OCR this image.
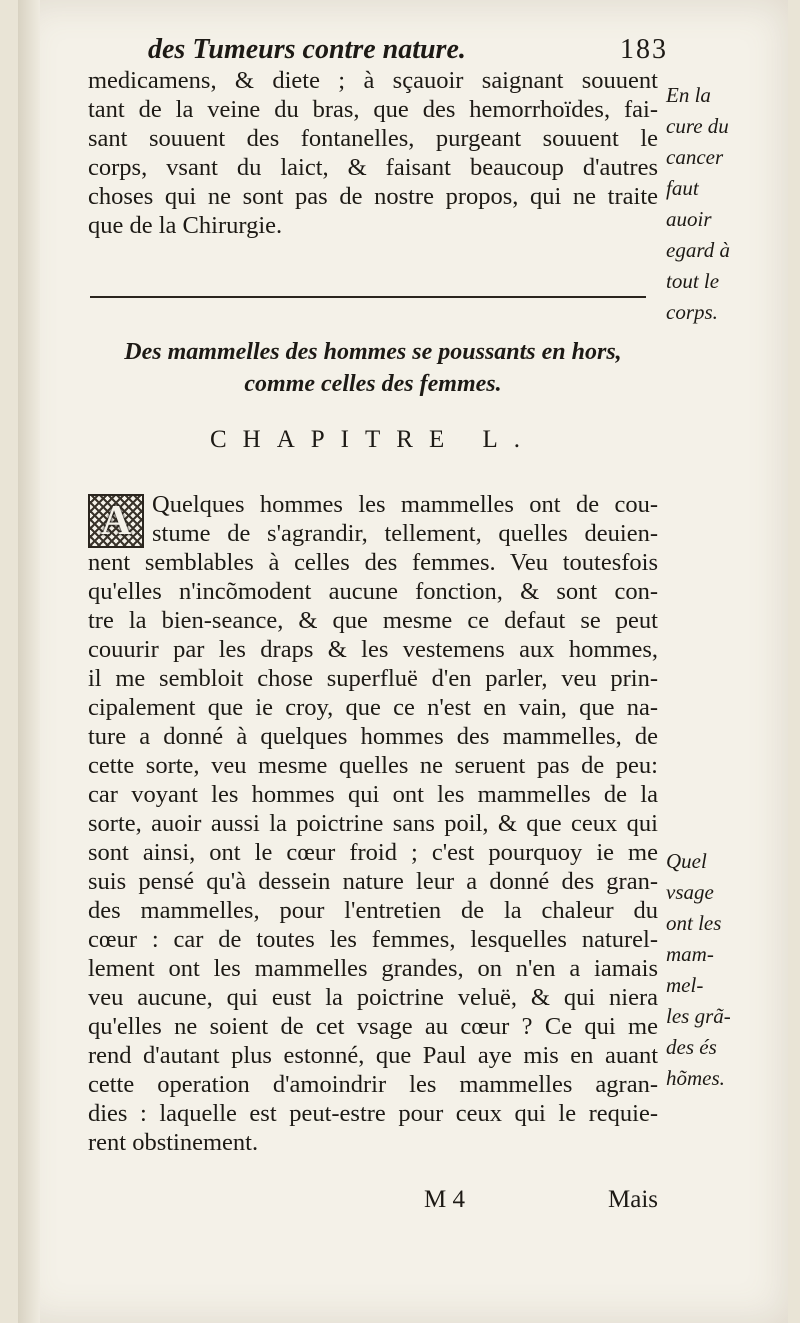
des Tumeurs contre nature.	183
medicamens, & diete ; à sçauoir saignant souuent
tant de la veine du bras, que des hemorrhoïdes, fai-
sant souuent des fontanelles, purgeant souuent le
corps, vsant du laict, & faisant beaucoup d'autres
choses qui ne sont pas de nostre propos, qui ne traite
que de la Chirurgie.
En la
cure du
cancer
faut
auoir
egard à
tout le
corps.
Des mammelles des hommes se poussants en hors,
comme celles des femmes.
CHAPITRE L.
A Quelques hommes les mammelles ont de cou-
stume de s'agrandir, tellement, quelles deuien-
nent semblables à celles des femmes. Veu toutesfois
qu'elles n'incõmodent aucune fonction, & sont con-
tre la bien-seance, & que mesme ce defaut se peut
couurir par les draps & les vestemens aux hommes,
il me sembloit chose superfluë d'en parler, veu prin-
cipalement que ie croy, que ce n'est en vain, que na-
ture a donné à quelques hommes des mammelles, de
cette sorte, veu mesme quelles ne seruent pas de peu:
car voyant les hommes qui ont les mammelles de la
sorte, auoir aussi la poictrine sans poil, & que ceux qui
sont ainsi, ont le cœur froid ; c'est pourquoy ie me
suis pensé qu'à dessein nature leur a donné des gran-
des mammelles, pour l'entretien de la chaleur du
cœur : car de toutes les femmes, lesquelles naturel-
lement ont les mammelles grandes, on n'en a iamais
veu aucune, qui eust la poictrine veluë, & qui niera
qu'elles ne soient de cet vsage au cœur ? Ce qui me
rend d'autant plus estonné, que Paul aye mis en auant
cette operation d'amoindrir les mammelles agran-
dies : laquelle est peut-estre pour ceux qui le requie-
rent obstinement.
Quel
vsage
ont les
mam-
mel-
les grã-
des és
hõmes.
M 4	Mais
